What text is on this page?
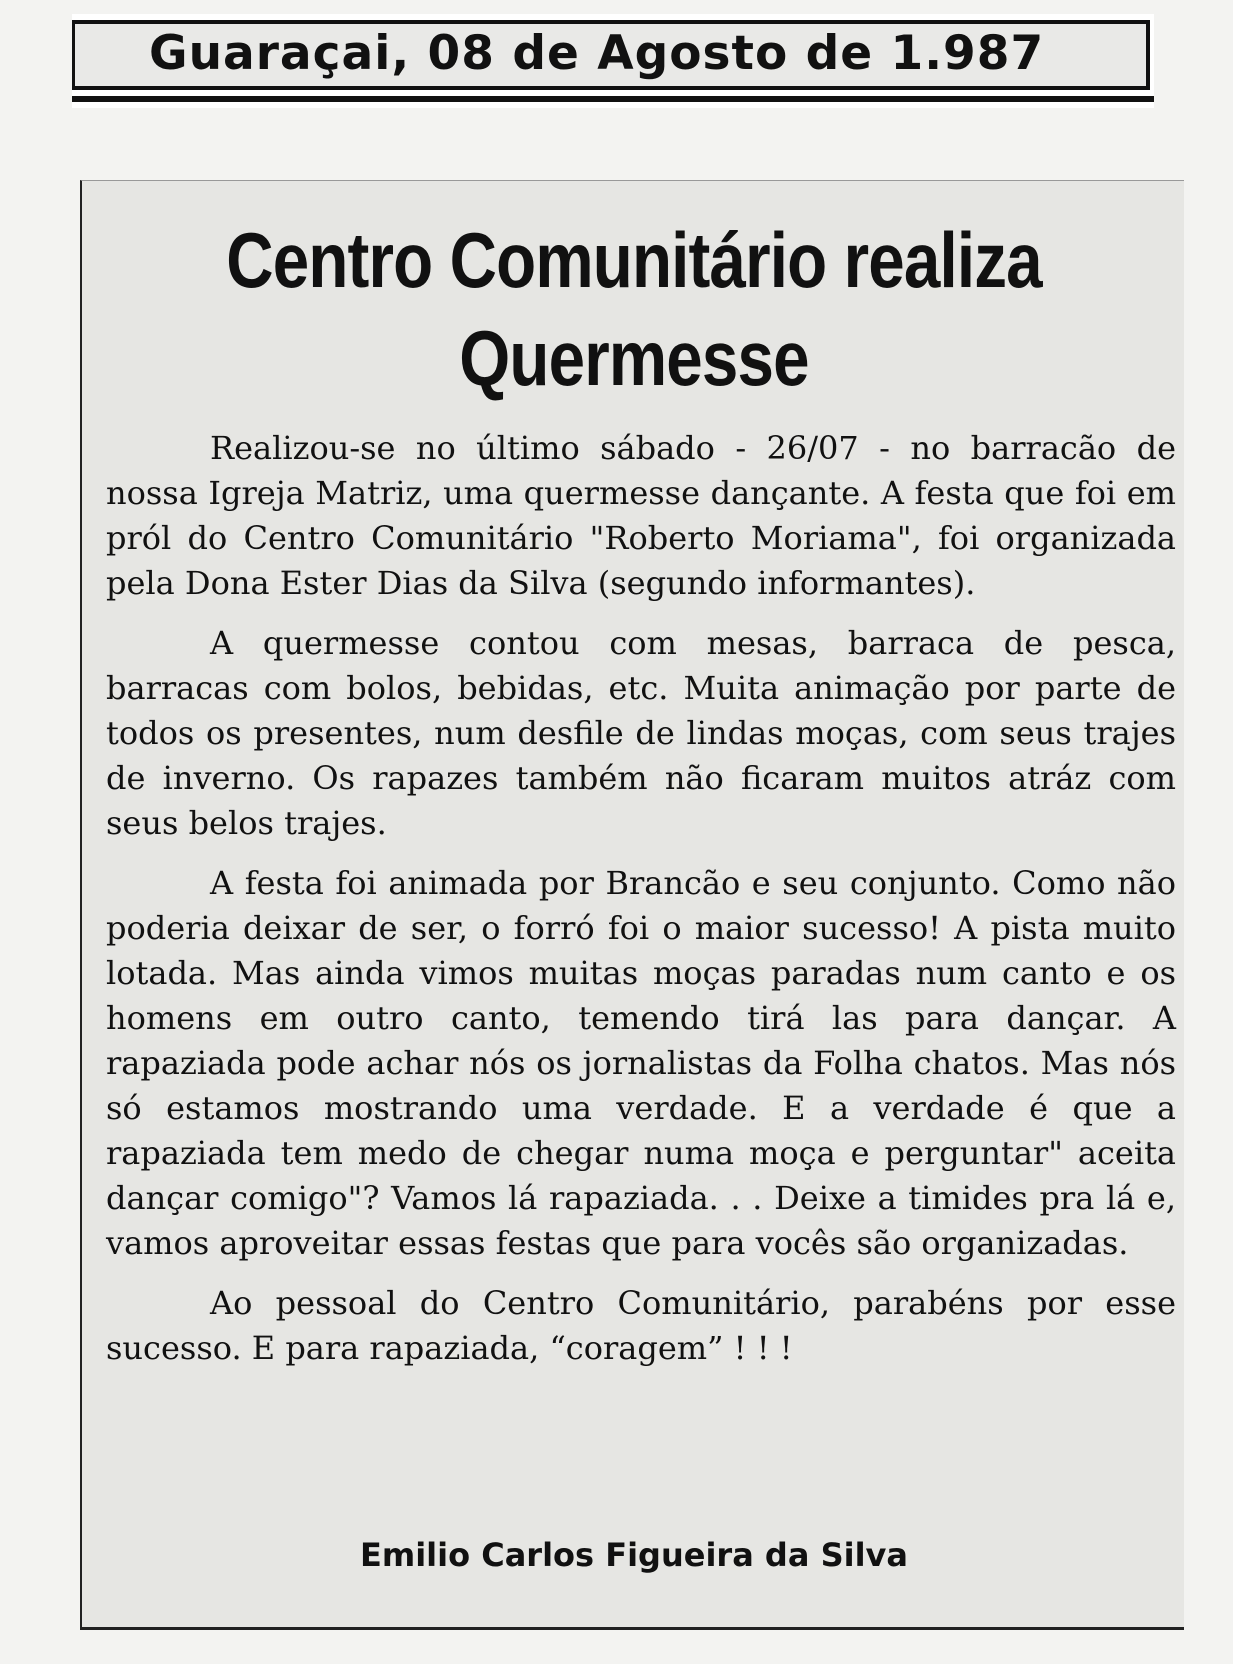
Guaraçai, 08 de Agosto de 1.987
Centro Comunitário realiza
Quermesse

Realizou-se no último sábado - 26/07 - no barracão de nossa Igreja Matriz, uma quermesse dançante. A festa que foi em pról do Centro Comunitário "Roberto Moriama", foi organizada pela Dona Ester Dias da Silva (segundo informantes).

A quermesse contou com mesas, barraca de pesca, barracas com bolos, bebidas, etc. Muita animação por parte de todos os presentes, num desfile de lindas moças, com seus trajes de inverno. Os rapazes também não ficaram muitos atráz com seus belos trajes.

A festa foi animada por Brancão e seu conjunto. Como não poderia deixar de ser, o forró foi o maior sucesso! A pista muito lotada. Mas ainda vimos muitas moças paradas num canto e os homens em outro canto, temendo tirá las para dançar. A rapaziada pode achar nós os jornalistas da Folha chatos. Mas nós só estamos mostrando uma verdade. E a verdade é que a rapaziada tem medo de chegar numa moça e perguntar" aceita dançar comigo"? Vamos lá rapaziada. . . Deixe a timides pra lá e, vamos aproveitar essas festas que para vocês são organizadas.

Ao pessoal do Centro Comunitário, parabéns por esse sucesso. E para rapaziada, “coragem” ! ! !

Emilio Carlos Figueira da Silva
